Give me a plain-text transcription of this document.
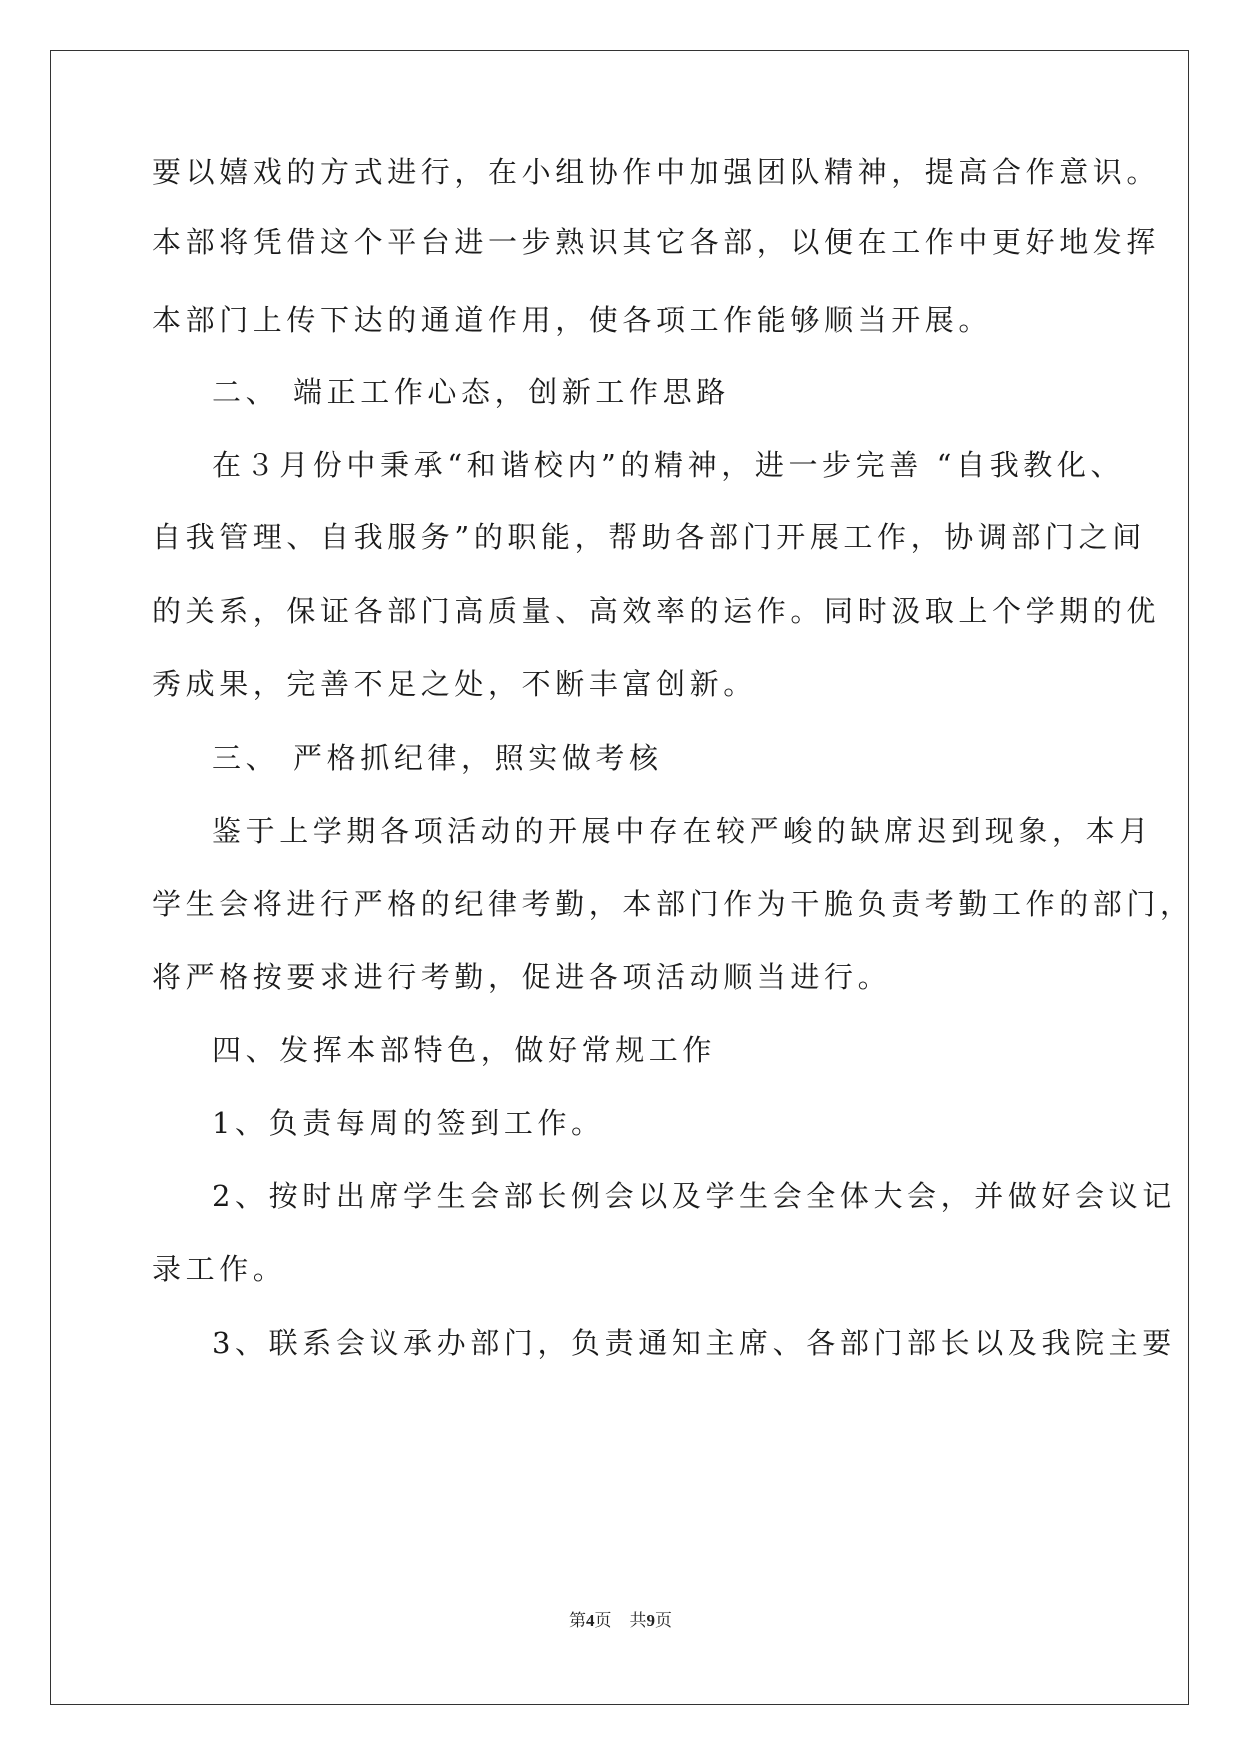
要以嬉戏的方式进行，在小组协作中加强团队精神，提高合作意识。
本部将凭借这个平台进一步熟识其它各部，以便在工作中更好地发挥
本部门上传下达的通道作用，使各项工作能够顺当开展。
二、 端正工作心态，创新工作思路
在３月份中秉承“和谐校内”的精神，进一步完善 “自我教化、
自我管理、自我服务”的职能，帮助各部门开展工作，协调部门之间
的关系，保证各部门高质量、高效率的运作。同时汲取上个学期的优
秀成果，完善不足之处，不断丰富创新。
三、 严格抓纪律，照实做考核
鉴于上学期各项活动的开展中存在较严峻的缺席迟到现象，本月
学生会将进行严格的纪律考勤，本部门作为干脆负责考勤工作的部门，
将严格按要求进行考勤，促进各项活动顺当进行。
四、发挥本部特色，做好常规工作
1、负责每周的签到工作。
2、按时出席学生会部长例会以及学生会全体大会，并做好会议记
录工作。
3、联系会议承办部门，负责通知主席、各部门部长以及我院主要
第4页 共9页
